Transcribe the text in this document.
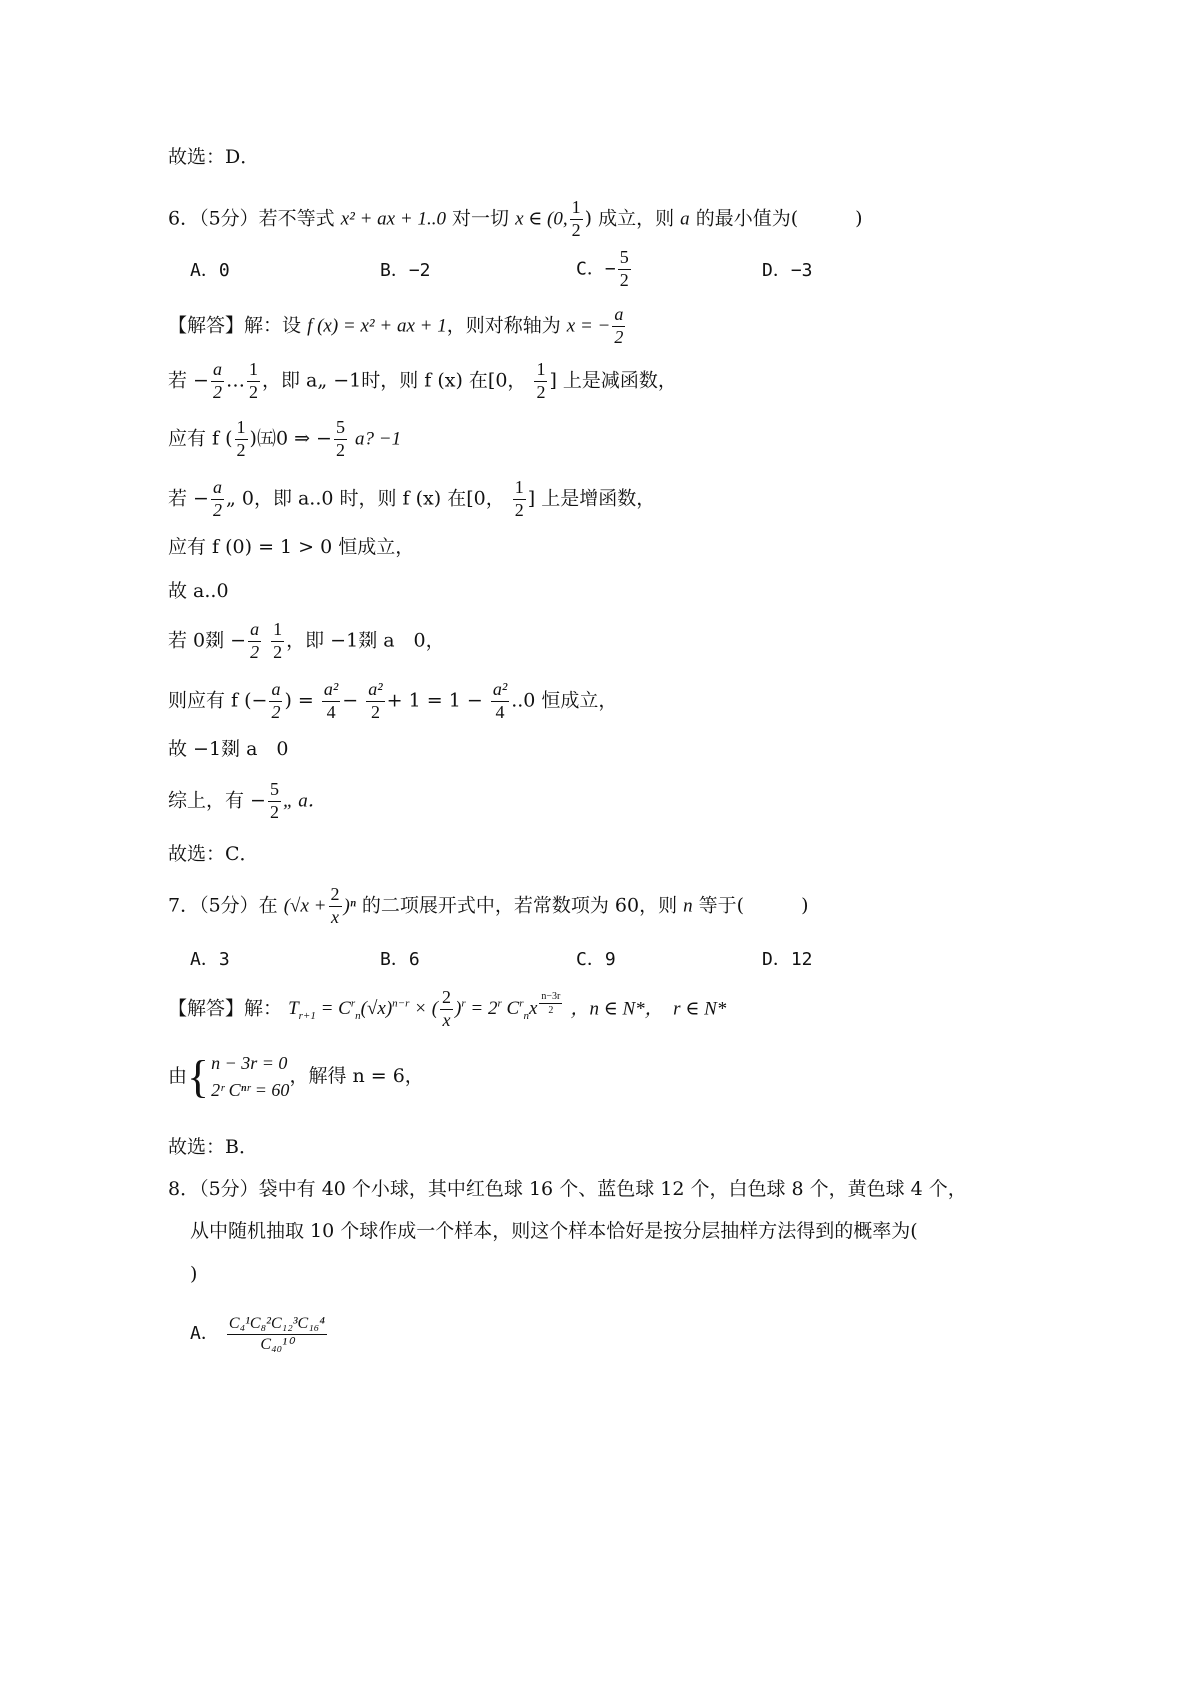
故选：D．
6．（5分）若不等式 x² + ax + 1..0 对一切 x ∈ (0, $\frac{1}{2}$ ) 成立，则 a 的最小值为(　　　)
A．0	B．−2	C．− $\frac{5}{2}$	D．−3
【解答】解：设 f (x) = x² + ax + 1，则对称轴为 x = − $\frac{a}{2}$
若 − $\frac{a}{2}$ … $\frac{1}{2}$ ，即 a„ −1时，则 f (x) 在[0， $\frac{1}{2}$ ] 上是减函数，
应有 f ( $\frac{1}{2}$ )㈤0 ⇒ − $\frac{5}{2} a$? −1
若 − $\frac{a}{2}$ „ 0，即 a..0 时，则 f (x) 在[0， $\frac{1}{2}$ ] 上是增函数，
应有 f (0) = 1 > 0 恒成立，
故 a..0
若 0剟 − $\frac{a}{2}$
$\frac{1}{2}$ ，即 −1剟 a　0，
则应有 f (− $\frac{a}{2}$ ) = $\frac{\text{a²}}{4} - \frac{\text{a²}}{2} + 1 = 1 - \frac{\text{a²}}{4} ..0$ 恒成立，
故 −1剟 a　0
综上，有 − $\frac{5}{2}$ „ a．
故选：C．
7．（5分）在 $(√x + \frac{2}{x} )^n$ 的二项展开式中，若常数项为 60，则 n 等于(　　　)
A．3	B．6	C．9	D．12
【解答】解： $T_{r+1} = C^r_n(√x)^{n-r}$ × ( $\frac{2}{x} )^r = 2^r$ $C^r_nx$ $^{\frac{n-3r}{2}}$ ，n ∈ N*，　r ∈ N*
由{ n − 3r = 0
2ʳ Cⁿʳ = 60
，解得 n = 6，
故选：B．
8．（5分）袋中有 40 个小球，其中红色球 16 个、蓝色球 12 个，白色球 8 个，黄色球 4 个，
从中随机抽取 10 个球作成一个样本，则这个样本恰好是按分层抽样方法得到的概率为(
)
A． $\frac{\text{C₄¹C₈²C₁₂³C₁₆⁴}}{\text{C₄₀¹⁰}}$
